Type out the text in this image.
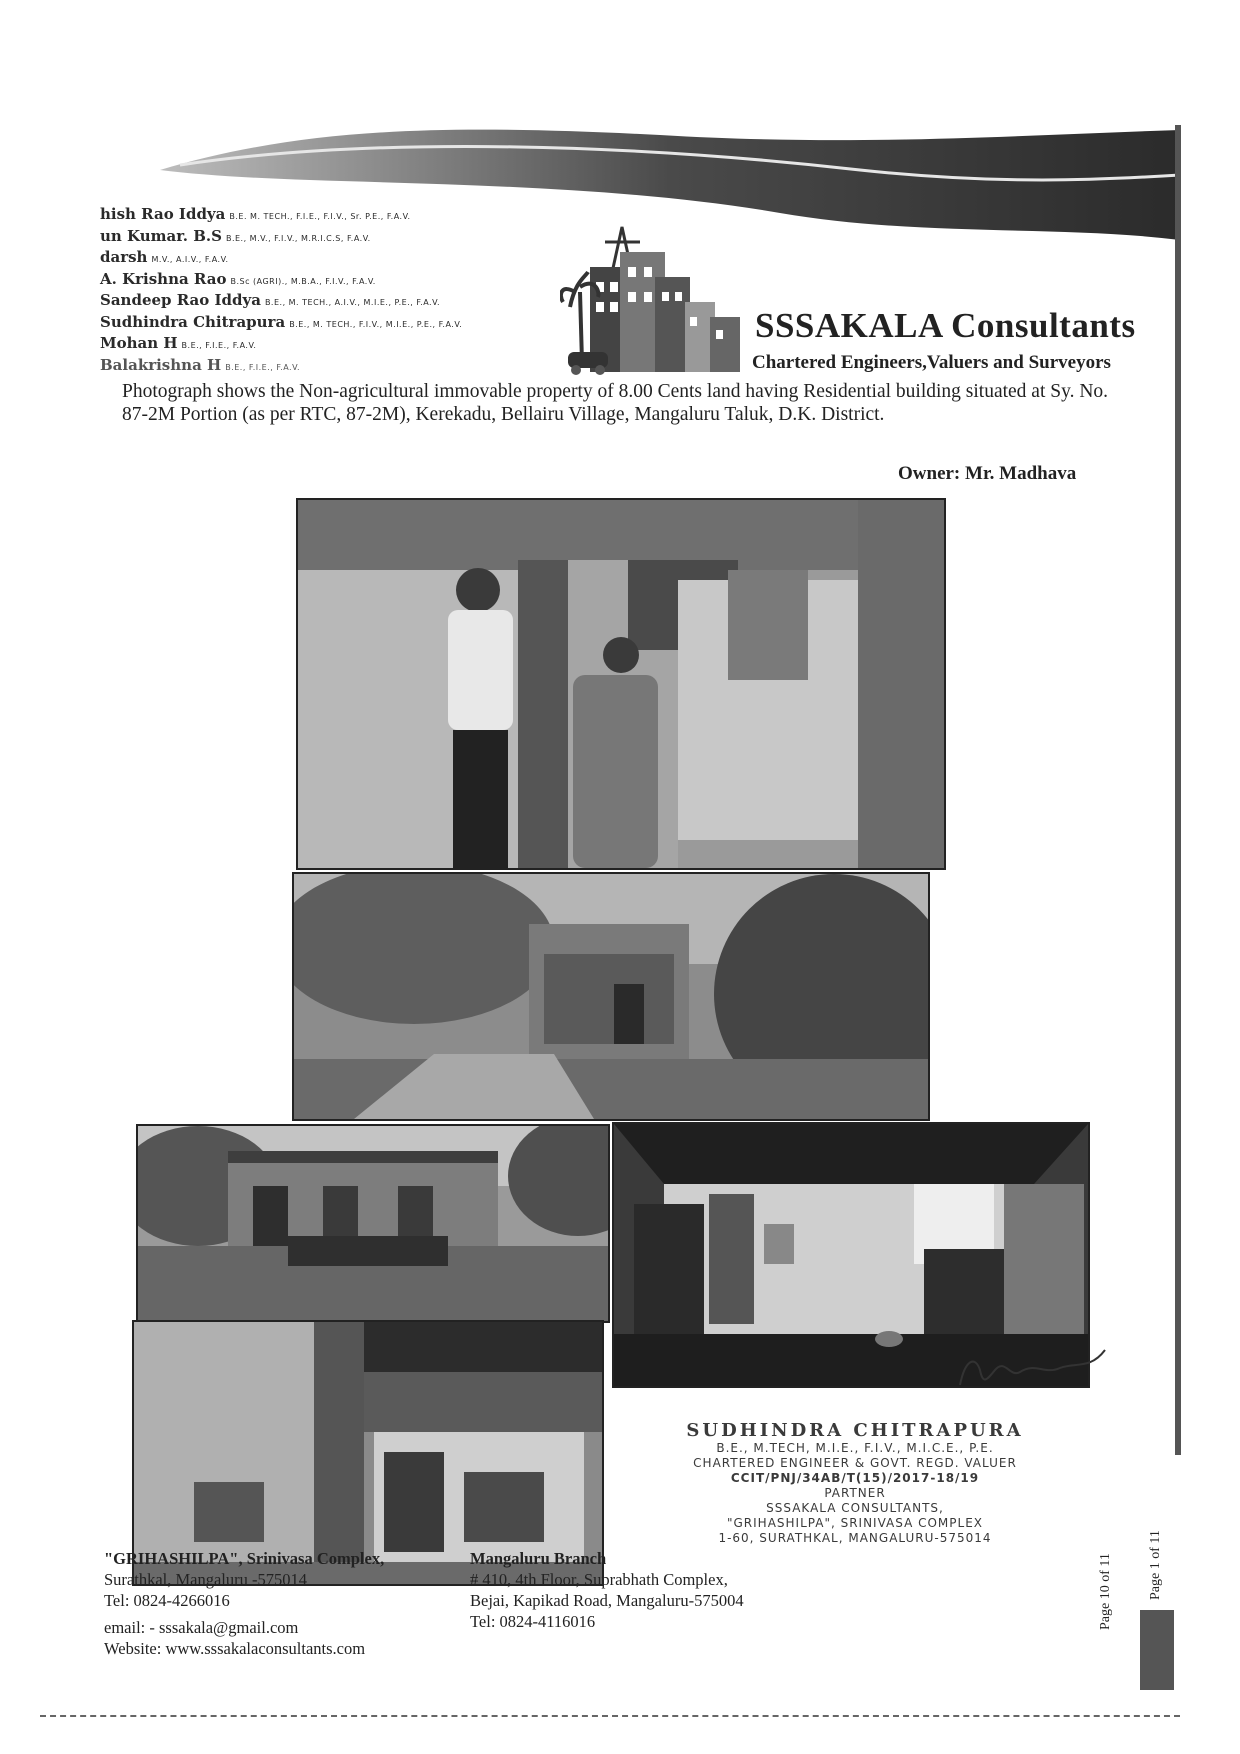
hish Rao Iddya B.E. M. TECH., F.I.E., F.I.V., Sr. P.E., F.A.V.
un Kumar. B.S B.E., M.V., F.I.V., M.R.I.C.S, F.A.V.
darsh M.V., A.I.V., F.A.V.
A. Krishna Rao B.Sc (AGRI)., M.B.A., F.I.V., F.A.V.
Sandeep Rao Iddya B.E., M. TECH., A.I.V., M.I.E., P.E., F.A.V.
Sudhindra Chitrapura B.E., M. TECH., F.I.V., M.I.E., P.E., F.A.V.
Mohan H B.E., F.I.E., F.A.V.
Balakrishna H B.E., F.I.E., F.A.V.
SSSAKALA Consultants
Chartered Engineers,Valuers and Surveyors
Photograph shows the Non-agricultural immovable property of 8.00 Cents land having Residential building situated at Sy. No. 87-2M Portion (as per RTC, 87-2M), Kerekadu, Bellairu Village, Mangaluru Taluk, D.K. District.
Owner: Mr. Madhava
SUDHINDRA CHITRAPURA
B.E., M.TECH, M.I.E., F.I.V., M.I.C.E., P.E.
CHARTERED ENGINEER & GOVT. REGD. VALUER
CCIT/PNJ/34AB/T(15)/2017-18/19
PARTNER
SSSAKALA CONSULTANTS,
"GRIHASHILPA", SRINIVASA COMPLEX
1-60, SURATHKAL, MANGALURU-575014
"GRIHASHILPA", Srinivasa Complex,
Surathkal, Mangaluru -575014
Tel: 0824-4266016
email: - sssakala@gmail.com
Website: www.sssakalaconsultants.com
Mangaluru Branch
# 410, 4th Floor, Suprabhath Complex,
Bejai, Kapikad Road, Mangaluru-575004
Tel: 0824-4116016	Page 10 of 11	Page 1 of 11
